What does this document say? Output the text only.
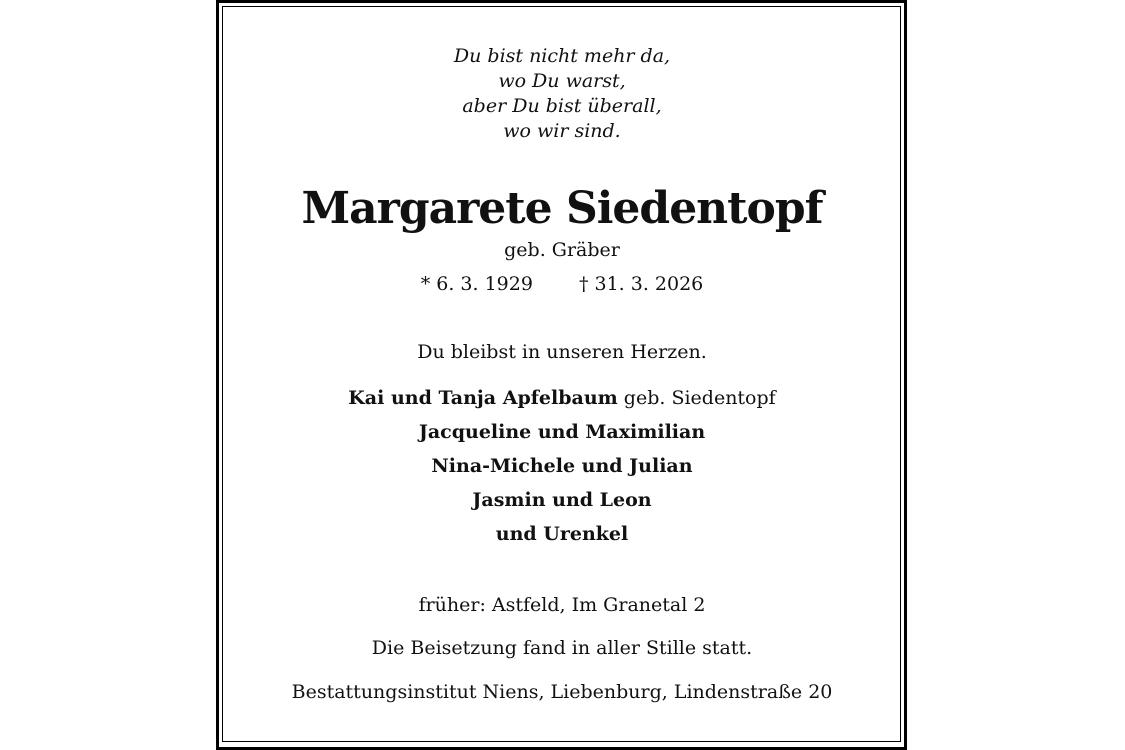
Du bist nicht mehr da,
wo Du warst,
aber Du bist überall,
wo wir sind.
Margarete Siedentopf
geb. Gräber
* 6. 3. 1929 † 31. 3. 2026
Du bleibst in unseren Herzen.
Kai und Tanja Apfelbaum geb. Siedentopf
Jacqueline und Maximilian
Nina-Michele und Julian
Jasmin und Leon
und Urenkel
früher: Astfeld, Im Granetal 2
Die Beisetzung fand in aller Stille statt.
Bestattungsinstitut Niens, Liebenburg, Lindenstraße 20
